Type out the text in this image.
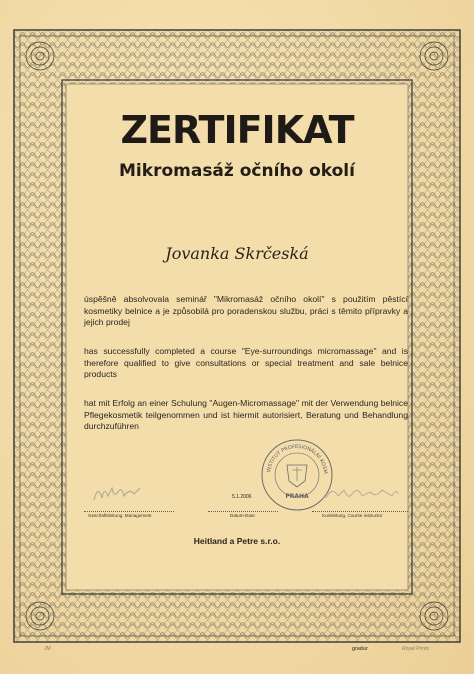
ZERTIFIKAT
Mikromasáž očního okolí
Jovanka Skrčeská
úspěšně absolvovala seminář "Mikromasáž očního okolí" s použitím pěstící kosmetiky belnice a je způsobilá pro poradenskou službu, práci s těmito přípravky a jejich prodej
has successfully completed a course "Eye-surroundings micromassage" and is therefore qualified to give consultations or special treatment and sale belnice products
hat mit Erfolg an einer Schulung "Augen-Micromassage" mit der Verwendung belnice Pflegekosmetik teilgenommen und ist hiermit autorisiert, Beratung und Behandlung durchzuführen
INSTITUT PROFESIONÁLNÍ KOSM
PRAHA
5.1.2006
Geschäftsleitung, Management	Datum-Date	Kursleitung, Course instructor
Heitland a Petre s.r.o.
JM	gradur	Royal Prints
